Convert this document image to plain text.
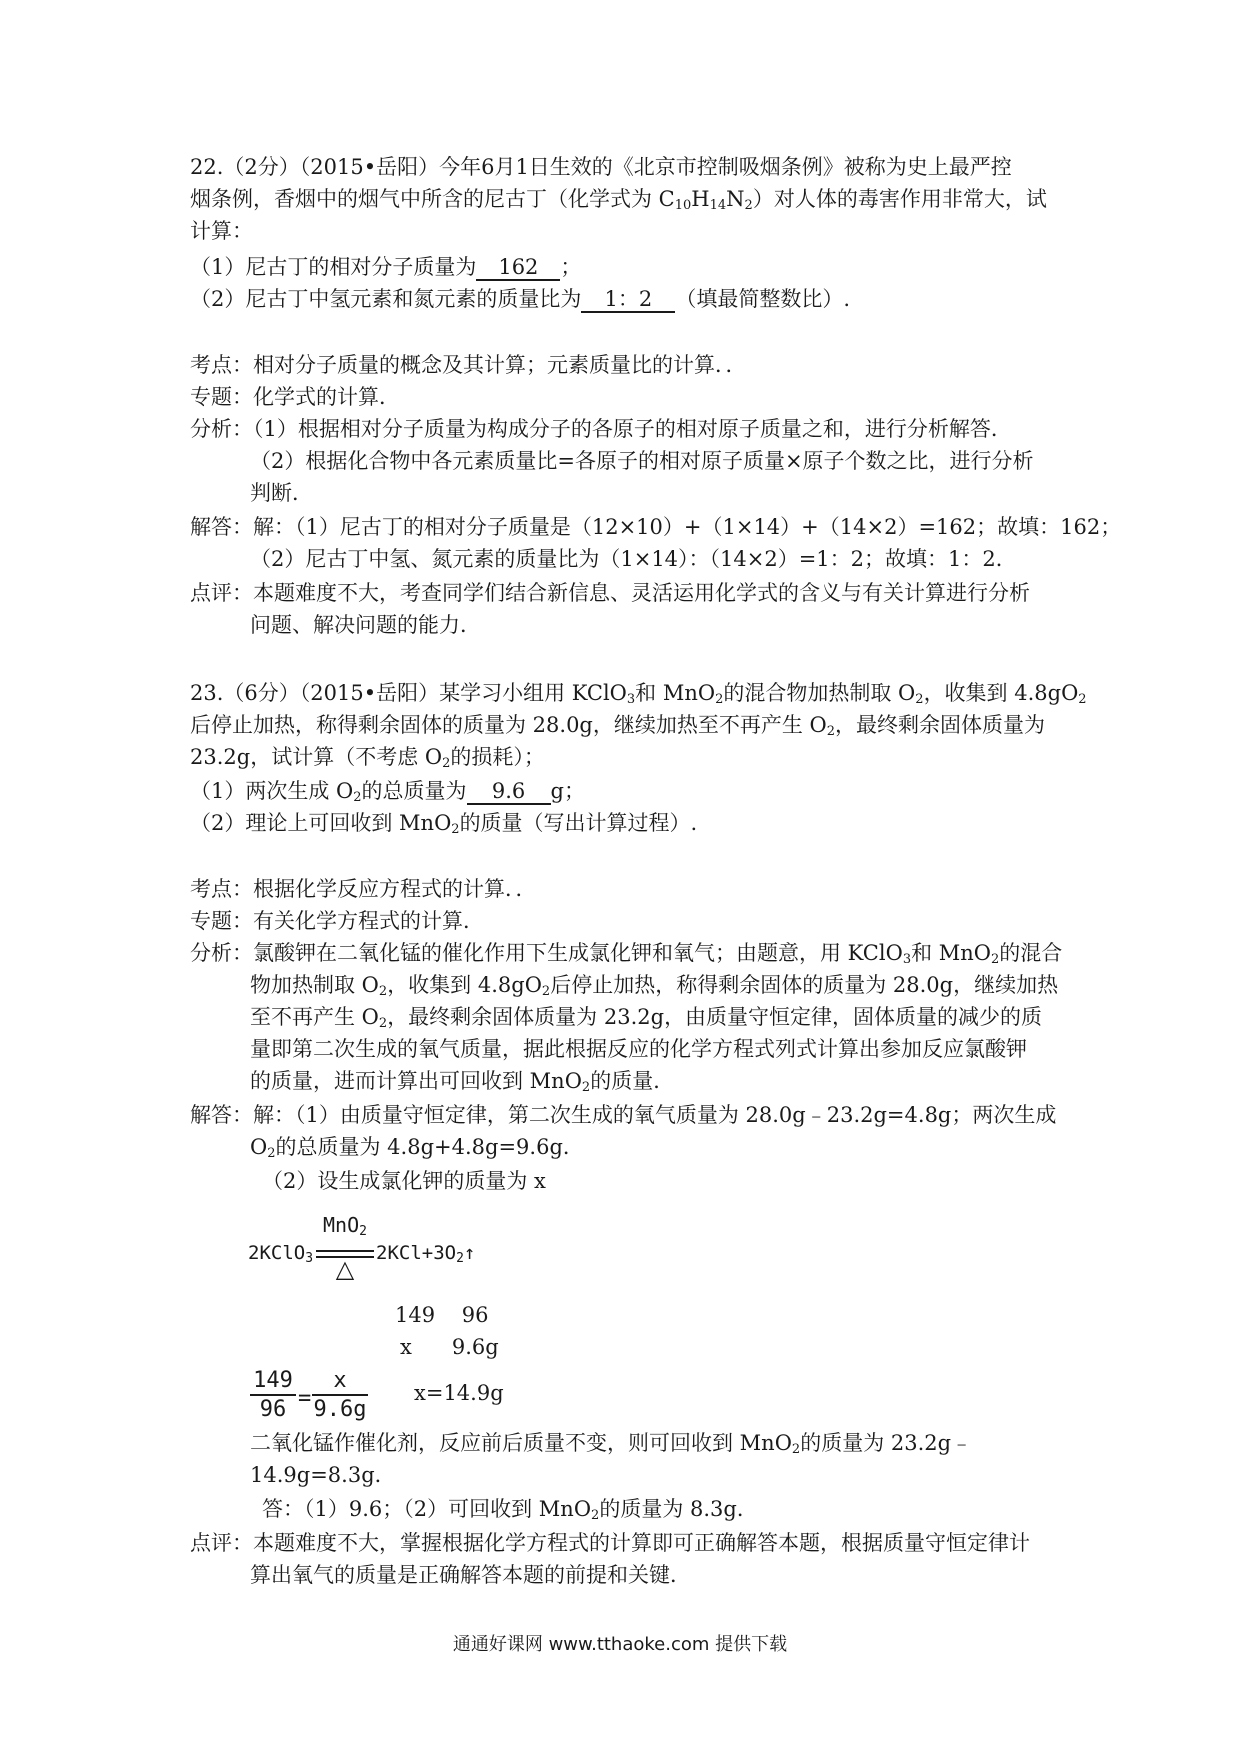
22.（2分）（2015•岳阳）今年6月1日生效的《北京市控制吸烟条例》被称为史上最严控
烟条例，香烟中的烟气中所含的尼古丁（化学式为 $C_{10}H_{14}N_2$）对人体的毒害作用非常大，试
计算：
（1）尼古丁的相对分子质量为 162 ；
（2）尼古丁中氢元素和氮元素的质量比为 1：2 （填最简整数比）.
考点：相对分子质量的概念及其计算；元素质量比的计算．．
专题：化学式的计算．
分析：（1）根据相对分子质量为构成分子的各原子的相对原子质量之和，进行分析解答．
（2）根据化合物中各元素质量比=各原子的相对原子质量×原子个数之比，进行分析
判断．
解答：解：（1）尼古丁的相对分子质量是（12×10）+（1×14）+（14×2）=162；故填：162；
（2）尼古丁中氢、氮元素的质量比为（1×14）：（14×2）=1：2；故填：1：2．
点评：本题难度不大，考查同学们结合新信息、灵活运用化学式的含义与有关计算进行分析
问题、解决问题的能力．
23.（6分）（2015•岳阳）某学习小组用 KClO$_3$和 MnO$_2$的混合物加热制取 $O_2$，收集到 $4.8gO_2$
后停止加热，称得剩余固体的质量为 28.0g，继续加热至不再产生 $O_2$，最终剩余固体质量为
23.2g，试计算（不考虑 $O_2$的损耗）；
（1）两次生成 $O_2$的总质量为 9.6 g；
（2）理论上可回收到 MnO$_2$的质量（写出计算过程）.
考点：根据化学反应方程式的计算．．
专题：有关化学方程式的计算．
分析：氯酸钾在二氧化锰的催化作用下生成氯化钾和氧气；由题意，用 KClO$_3$和 MnO$_2$的混合
物加热制取 $O_2$，收集到 $4.8gO_2$后停止加热，称得剩余固体的质量为 28.0g，继续加热
至不再产生 $O_2$，最终剩余固体质量为 23.2g，由质量守恒定律，固体质量的减少的质
量即第二次生成的氧气质量，据此根据反应的化学方程式列式计算出参加反应氯酸钾
的质量，进而计算出可回收到 MnO$_2$的质量．
解答：解：（1）由质量守恒定律，第二次生成的氧气质量为 28.0g﹣23.2g=4.8g；两次生成
$O_2$的总质量为 4.8g+4.8g=9.6g．
（2）设生成氯化钾的质量为 x
2KClO$_3$
MnO$_2$
△
$2KCl+3O_2↑$
149    96
x      9.6g
149
96 =
x
9.6g
x=14.9g
二氧化锰作催化剂，反应前后质量不变，则可回收到 MnO$_2$的质量为 23.2g﹣
14.9g=8.3g．
答：（1）9.6；（2）可回收到 MnO$_2$的质量为 8.3g．
点评：本题难度不大，掌握根据化学方程式的计算即可正确解答本题，根据质量守恒定律计
算出氧气的质量是正确解答本题的前提和关键．
通通好课网 www.tthaoke.com 提供下载
